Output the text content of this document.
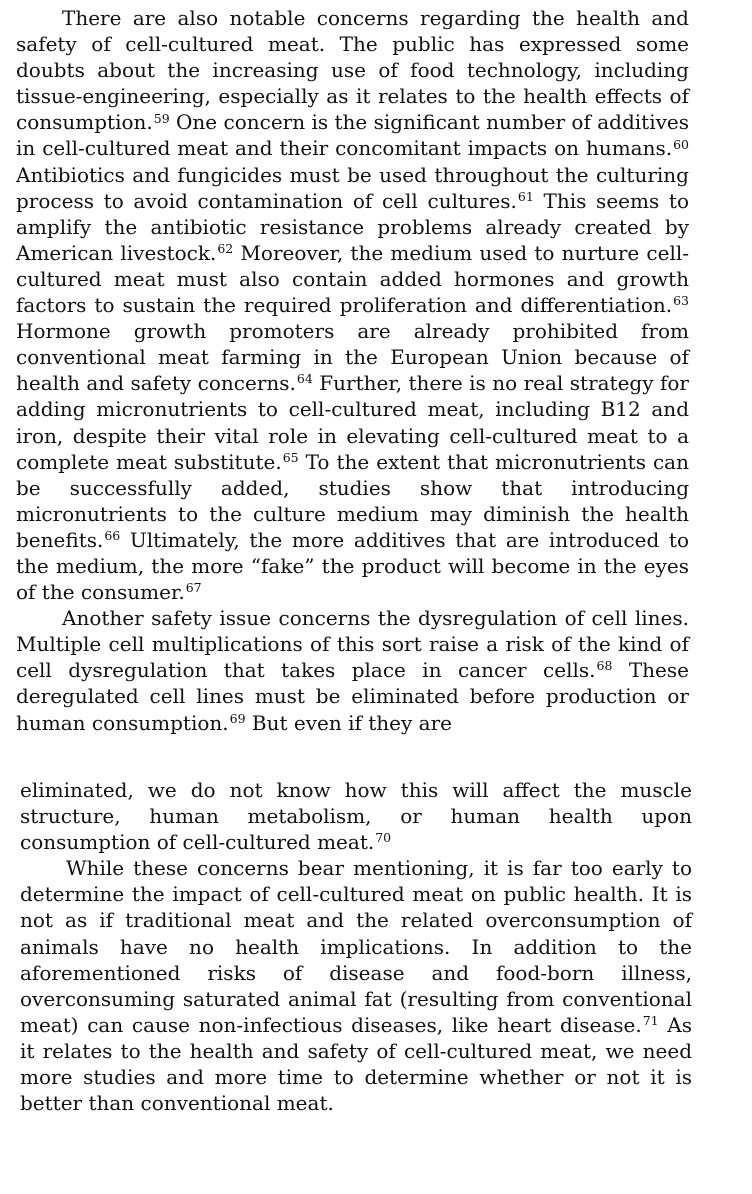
There are also notable concerns regarding the health and safety of cell-cultured meat. The public has expressed some doubts about the increasing use of food technology, including tissue-engineering, especially as it relates to the health effects of consumption.$^{59}$ One concern is the significant number of additives in cell-cultured meat and their concomitant impacts on humans.$^{60}$ Antibiotics and fungicides must be used throughout the culturing process to avoid contamination of cell cultures.$^{61}$ This seems to amplify the antibiotic resistance problems already created by American livestock.$^{62}$ Moreover, the medium used to nurture cell-cultured meat must also contain added hormones and growth factors to sustain the required proliferation and differentiation.$^{63}$ Hormone growth promoters are already prohibited from conventional meat farming in the European Union because of health and safety concerns.$^{64}$ Further, there is no real strategy for adding micronutrients to cell-cultured meat, including B12 and iron, despite their vital role in elevating cell-cultured meat to a complete meat substitute.$^{65}$ To the extent that micronutrients can be successfully added, studies show that introducing micronutrients to the culture medium may diminish the health benefits.$^{66}$ Ultimately, the more additives that are introduced to the medium, the more “fake” the product will become in the eyes of the consumer.$^{67}$

Another safety issue concerns the dysregulation of cell lines. Multiple cell multiplications of this sort raise a risk of the kind of cell dysregulation that takes place in cancer cells.$^{68}$ These deregulated cell lines must be eliminated before production or human consumption.$^{69}$ But even if they are

eliminated, we do not know how this will affect the muscle structure, human metabolism, or human health upon consumption of cell-cultured meat.$^{70}$

While these concerns bear mentioning, it is far too early to determine the impact of cell-cultured meat on public health. It is not as if traditional meat and the related overconsumption of animals have no health implications. In addition to the aforementioned risks of disease and food-born illness, overconsuming saturated animal fat (resulting from conventional meat) can cause non-infectious diseases, like heart disease.$^{71}$ As it relates to the health and safety of cell-cultured meat, we need more studies and more time to determine whether or not it is better than conventional meat.
